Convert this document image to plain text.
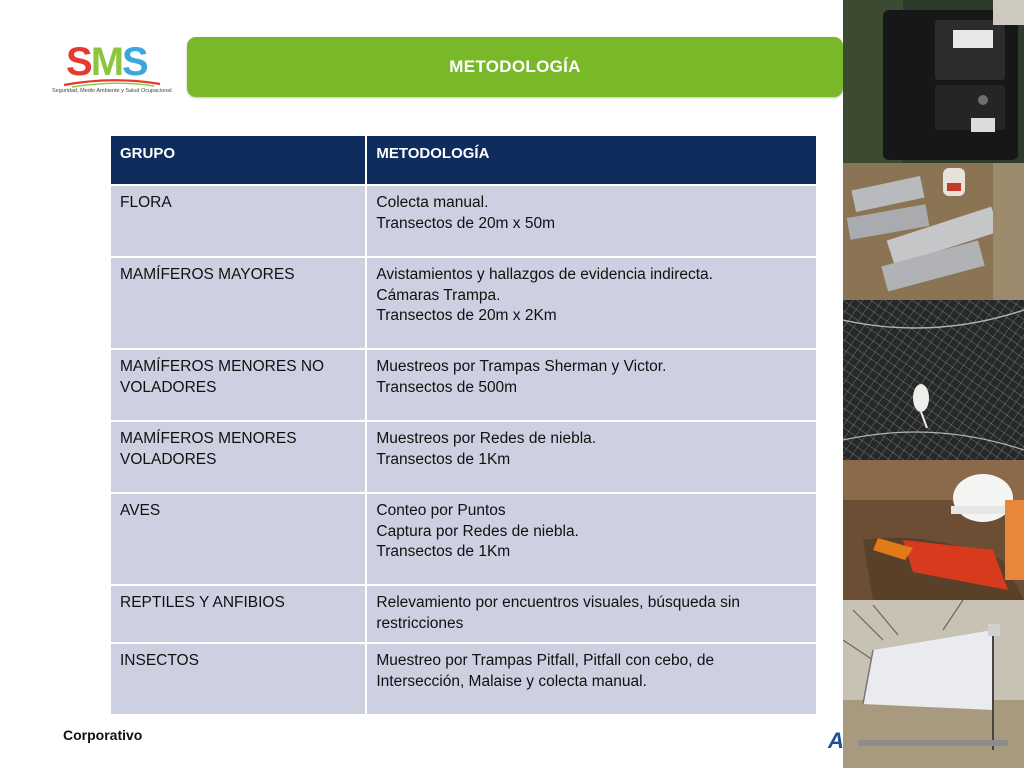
SMS
Seguridad, Medio Ambiente y Salud Ocupacional
METODOLOGÍA
GRUPO	METODOLOGÍA

FLORA	Colecta manual.
Transectos de 20m x 50m

MAMÍFEROS MAYORES	Avistamientos y hallazgos de evidencia indirecta.
Cámaras Trampa.
Transectos de 20m x 2Km

MAMÍFEROS MENORES NO
VOLADORES	Muestreos por Trampas Sherman y Victor.
Transectos de 500m

MAMÍFEROS MENORES
VOLADORES	Muestreos por Redes de niebla.
Transectos de 1Km

AVES	Conteo por Puntos
Captura por Redes de niebla.
Transectos de 1Km

REPTILES Y ANFIBIOS	Relevamiento por encuentros visuales, búsqueda sin
restricciones

INSECTOS	Muestreo por Trampas Pitfall, Pitfall con cebo, de
Intersección, Malaise y colecta manual.
Corporativo	A
